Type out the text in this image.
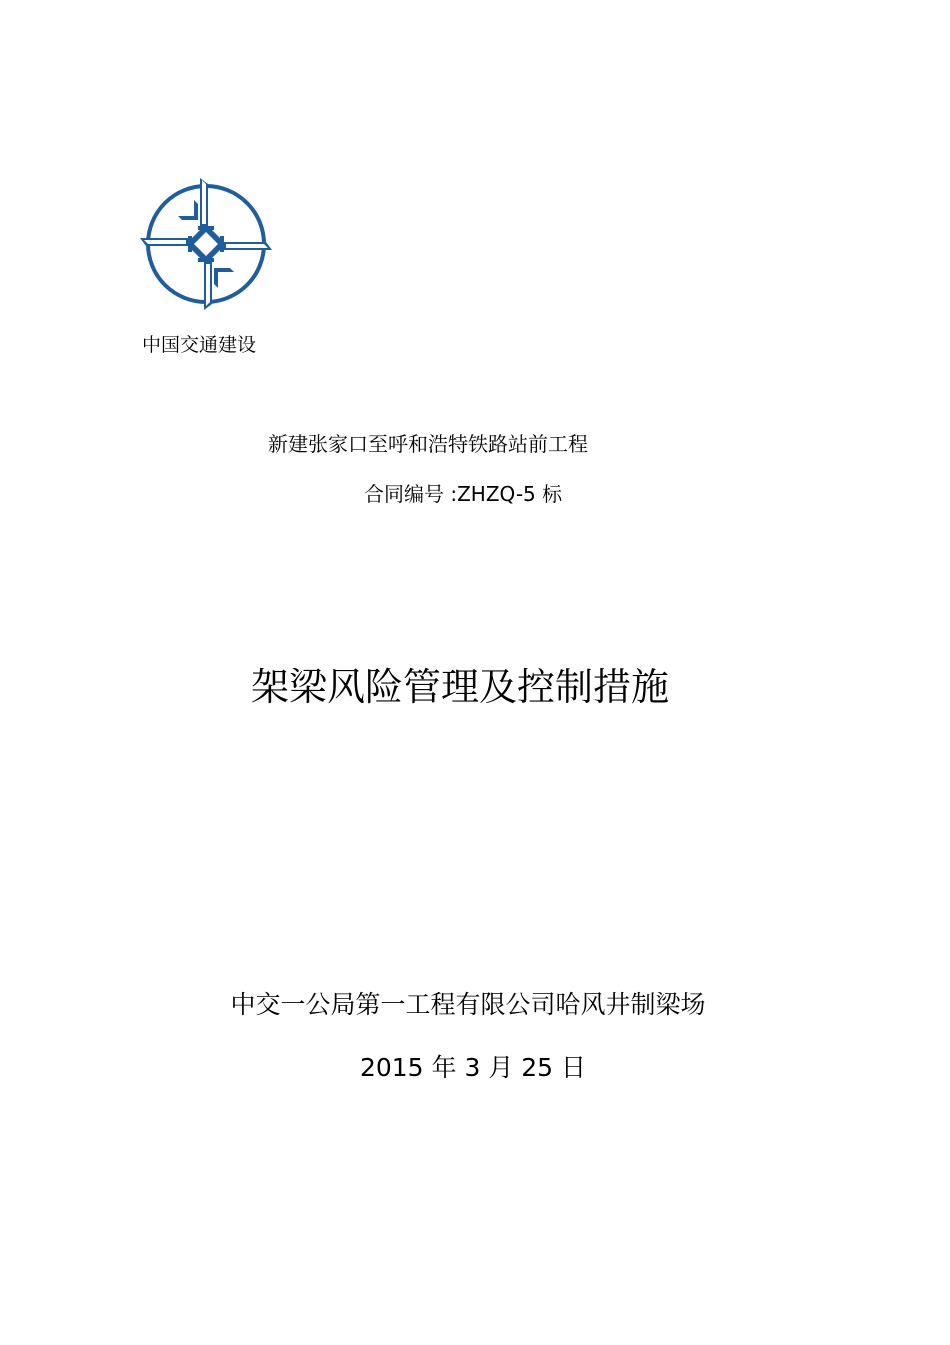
中国交通建设
新建张家口至呼和浩特铁路站前工程
合同编号 :ZHZQ-5 标
架梁风险管理及控制措施
中交一公局第一工程有限公司哈风井制梁场
2015 年 3 月 25 日
